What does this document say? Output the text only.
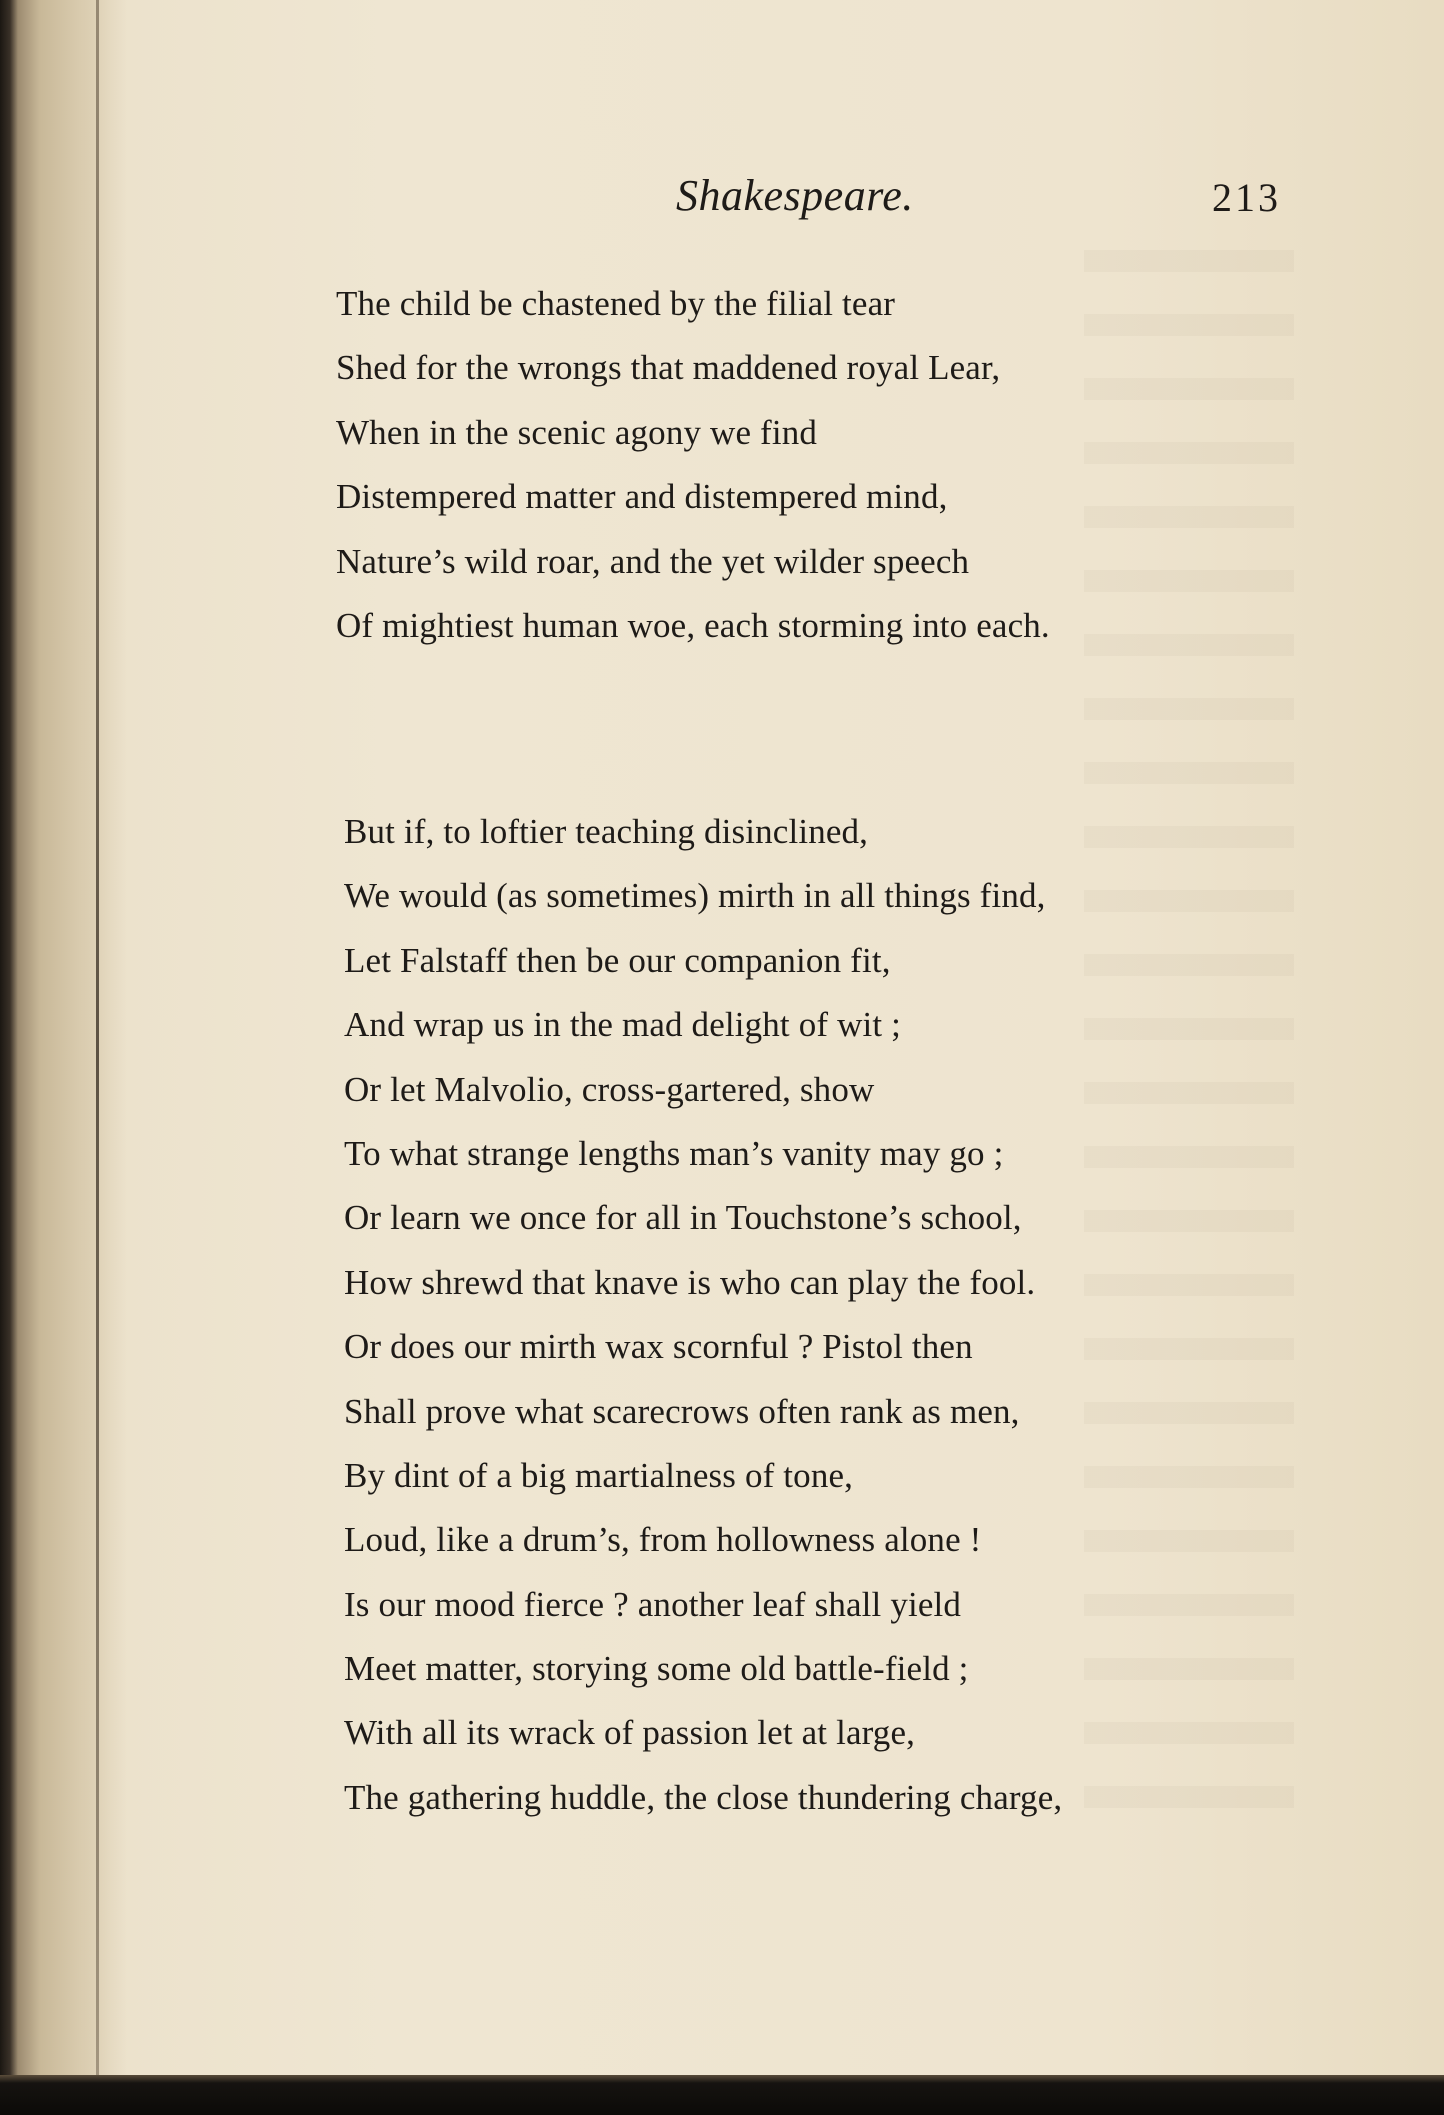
Shakespeare.	213
The child be chastened by the filial tear
Shed for the wrongs that maddened royal Lear,
When in the scenic agony we find
Distempered matter and distempered mind,
Nature’s wild roar, and the yet wilder speech
Of mightiest human woe, each storming into each.
But if, to loftier teaching disinclined,
We would (as sometimes) mirth in all things find,
Let Falstaff then be our companion fit,
And wrap us in the mad delight of wit ;
Or let Malvolio, cross-gartered, show
To what strange lengths man’s vanity may go ;
Or learn we once for all in Touchstone’s school,
How shrewd that knave is who can play the fool.
Or does our mirth wax scornful ? Pistol then
Shall prove what scarecrows often rank as men,
By dint of a big martialness of tone,
Loud, like a drum’s, from hollowness alone !
Is our mood fierce ? another leaf shall yield
Meet matter, storying some old battle-field ;
With all its wrack of passion let at large,
The gathering huddle, the close thundering charge,
